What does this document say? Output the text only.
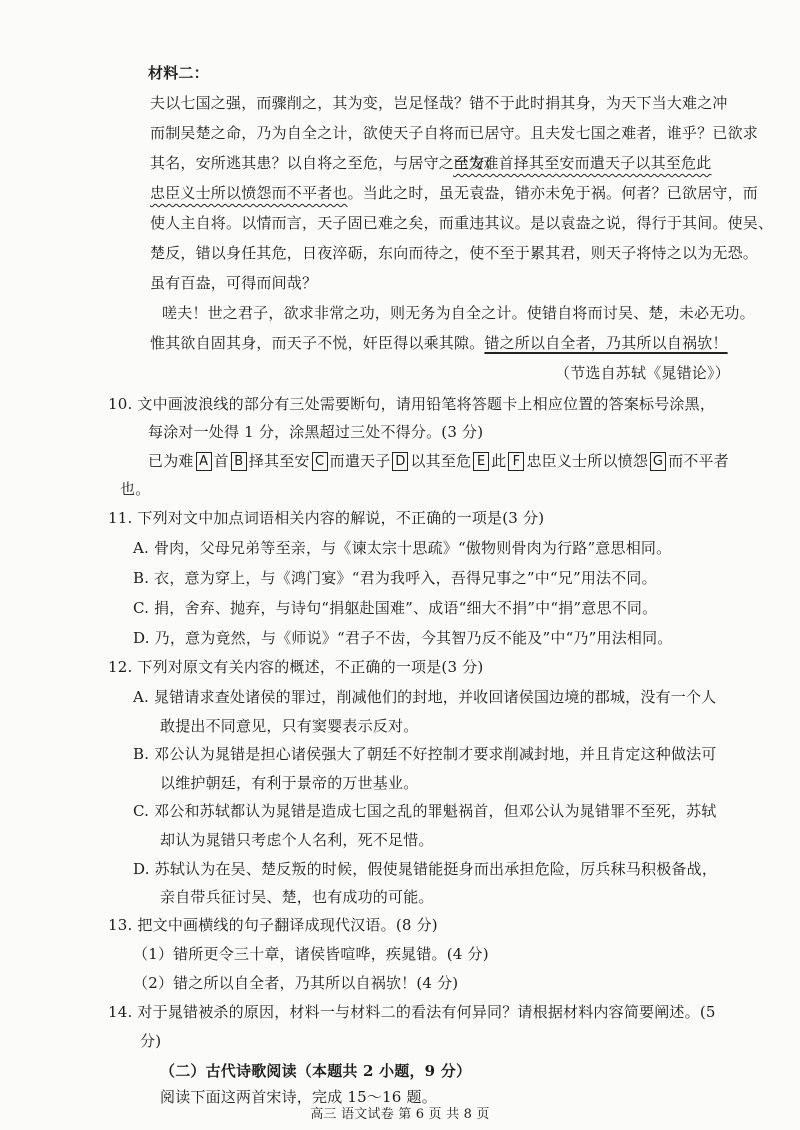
材料二：
夫以七国之强，而骤削之，其为变，岂足怪哉？错不于此时捐其身，为天下当大难之冲
而制吴楚之命，乃为自全之计，欲使天子自将而已居守。且夫发七国之难者，谁乎？已欲求
其名，安所逃其患？以自将之至危，与居守之至安；
已为难首择其至安而遣天子以其至危此
忠臣义士所以愤怨而不平者也。当此之时，虽无袁盎，错亦未免于祸。何者？已欲居守，而
使人主自将。以情而言，天子固已难之矣，而重违其议。是以袁盎之说，得行于其间。使吴、
楚反，错以身任其危，日夜淬砺，东向而待之，使不至于累其君，则天子将恃之以为无恐。
虽有百盎，可得而间哉？
嗟夫！世之君子，欲求非常之功，则无务为自全之计。使错自将而讨吴、楚，未必无功。
惟其欲自固其身，而天子不悦，奸臣得以乘其隙。错之所以自全者，乃其所以自祸欤！
（节选自苏轼《晁错论》）
10. 文中画波浪线的部分有三处需要断句，请用铅笔将答题卡上相应位置的答案标号涂黑，
每涂对一处得 1 分，涂黑超过三处不得分。(3 分)
已为难 A 首 B 择其至安 C 而遣天子 D 以其至危 E 此 F 忠臣义士所以愤怨 G 而不平者
也。
11. 下列对文中加点词语相关内容的解说，不正确的一项是(3 分)
A. 骨肉，父母兄弟等至亲，与《谏太宗十思疏》“傲物则骨肉为行路”意思相同。
B. 衣，意为穿上，与《鸿门宴》“君为我呼入，吾得兄事之”中“兄”用法不同。
C. 捐，舍弃、抛弃，与诗句“捐躯赴国难”、成语“细大不捐”中“捐”意思不同。
D. 乃，意为竟然，与《师说》“君子不齿，今其智乃反不能及”中“乃”用法相同。
12. 下列对原文有关内容的概述，不正确的一项是(3 分)
A. 晁错请求查处诸侯的罪过，削减他们的封地，并收回诸侯国边境的郡城，没有一个人
敢提出不同意见，只有窦婴表示反对。
B. 邓公认为晁错是担心诸侯强大了朝廷不好控制才要求削减封地，并且肯定这种做法可
以维护朝廷，有利于景帝的万世基业。
C. 邓公和苏轼都认为晁错是造成七国之乱的罪魁祸首，但邓公认为晁错罪不至死，苏轼
却认为晁错只考虑个人名利，死不足惜。
D. 苏轼认为在吴、楚反叛的时候，假使晁错能挺身而出承担危险，厉兵秣马积极备战，
亲自带兵征讨吴、楚，也有成功的可能。
13. 把文中画横线的句子翻译成现代汉语。(8 分)
（1）错所更令三十章，诸侯皆喧哗，疾晁错。(4 分)
（2）错之所以自全者，乃其所以自祸欤！(4 分)
14. 对于晁错被杀的原因，材料一与材料二的看法有何异同？请根据材料内容简要阐述。(5
分)
（二）古代诗歌阅读（本题共 2 小题，9 分）
阅读下面这两首宋诗，完成 15～16 题。
高三 语文试卷 第 6 页 共 8 页
